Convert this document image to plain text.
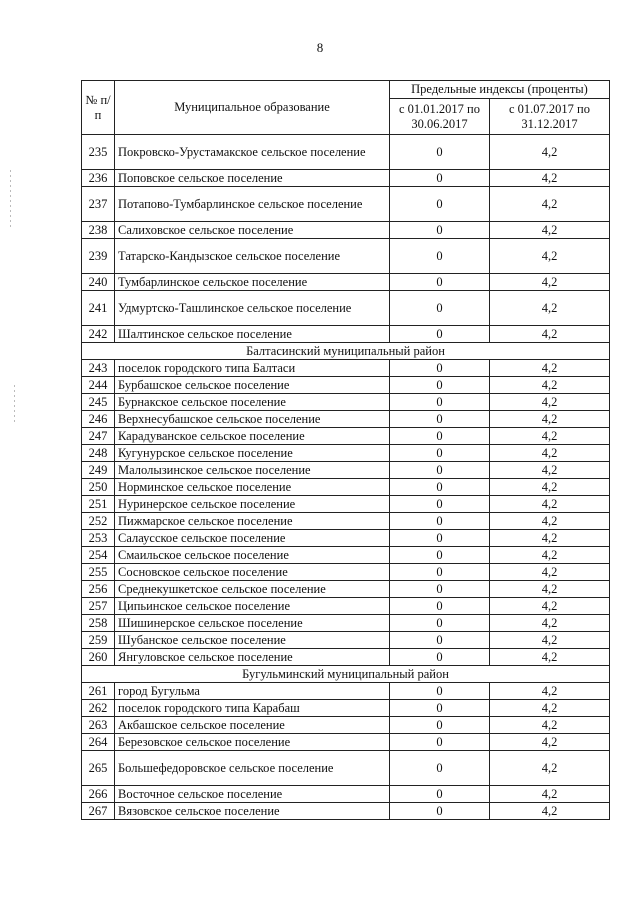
8
№ п/п	Муниципальное образование	Предельные индексы (проценты)	
		с 01.01.2017 по 30.06.2017	с 01.07.2017 по 31.12.2017
235	Покровско-Урустамакское сельское поселение	0	4,2
236	Поповское сельское поселение	0	4,2
237	Потапово-Тумбарлинское сельское поселение	0	4,2
238	Салиховское сельское поселение	0	4,2
239	Татарско-Кандызское сельское поселение	0	4,2
240	Тумбарлинское сельское поселение	0	4,2
241	Удмуртско-Ташлинское сельское поселение	0	4,2
242	Шалтинское сельское поселение	0	4,2
Балтасинский муниципальный район			
243	поселок городского типа Балтаси	0	4,2
244	Бурбашское сельское поселение	0	4,2
245	Бурнакское сельское поселение	0	4,2
246	Верхнесубашское сельское поселение	0	4,2
247	Карадуванское сельское поселение	0	4,2
248	Кугунурское сельское поселение	0	4,2
249	Малолызинское сельское поселение	0	4,2
250	Норминское сельское поселение	0	4,2
251	Нуринерское сельское поселение	0	4,2
252	Пижмарское сельское поселение	0	4,2
253	Салаусское сельское поселение	0	4,2
254	Смаильское сельское поселение	0	4,2
255	Сосновское сельское поселение	0	4,2
256	Среднекушкетское сельское поселение	0	4,2
257	Ципьинское сельское поселение	0	4,2
258	Шишинерское сельское поселение	0	4,2
259	Шубанское сельское поселение	0	4,2
260	Янгуловское сельское поселение	0	4,2
Бугульминский муниципальный район			
261	город Бугульма	0	4,2
262	поселок городского типа Карабаш	0	4,2
263	Акбашское сельское поселение	0	4,2
264	Березовское сельское поселение	0	4,2
265	Большефедоровское сельское поселение	0	4,2
266	Восточное сельское поселение	0	4,2
267	Вязовское сельское поселение	0	4,2
